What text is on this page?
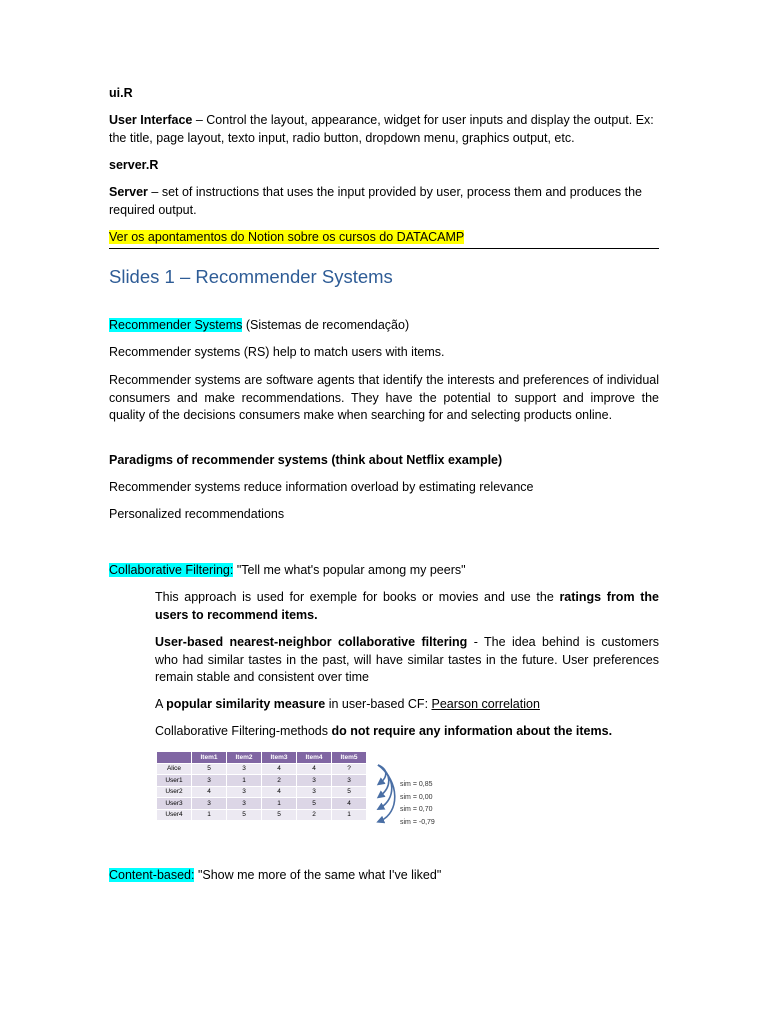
ui.R

User Interface – Control the layout, appearance, widget for user inputs and display the output. Ex: the title, page layout, texto input, radio button, dropdown menu, graphics output, etc.

server.R

Server – set of instructions that uses the input provided by user, process them and produces the required output.

Ver os apontamentos do Notion sobre os cursos do DATACAMP

Slides 1 – Recommender Systems

Recommender Systems (Sistemas de recomendação)

Recommender systems (RS) help to match users with items.

Recommender systems are software agents that identify the interests and preferences of individual consumers and make recommendations. They have the potential to support and improve the quality of the decisions consumers make when searching for and selecting products online.

Paradigms of recommender systems (think about Netflix example)

Recommender systems reduce information overload by estimating relevance

Personalized recommendations

Collaborative Filtering: "Tell me what's popular among my peers"

This approach is used for exemple for books or movies and use the ratings from the users to recommend items.

User-based nearest-neighbor collaborative filtering - The idea behind is customers who had similar tastes in the past, will have similar tastes in the future. User preferences remain stable and consistent over time

A popular similarity measure in user-based CF: Pearson correlation

Collaborative Filtering-methods do not require any information about the items.

Content-based: "Show me more of the same what I've liked"

	Item1	Item2	Item3	Item4	Item5
Alice	5	3	4	4	?
User1	3	1	2	3	3
User2	4	3	4	3	5
User3	3	3	1	5	4
User4	1	5	5	2	1
sim = 0,85
sim = 0,00
sim = 0,70
sim = -0,79
